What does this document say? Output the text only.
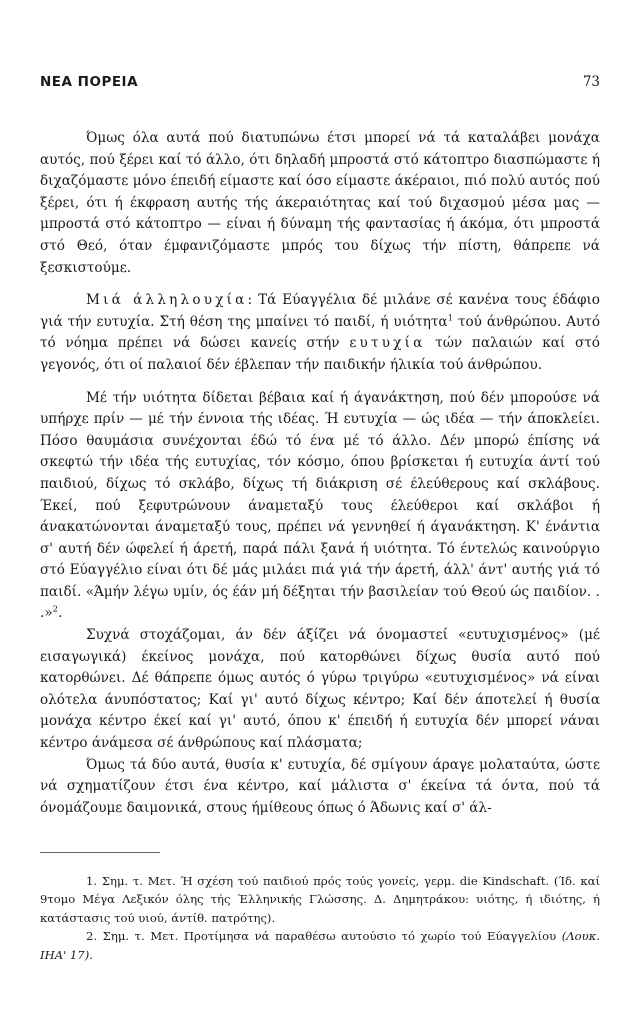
ΝΕΑ ΠΟΡΕΙΑ	73

Όμως όλα αυτά πού διατυπώνω έτσι μπορεί νά τά καταλάβει μονάχα αυτός, πού ξέρει καί τό άλλο, ότι δηλαδή μπροστά στό κάτοπτρο διασπώμαστε ή διχαζόμαστε μόνο έπειδή είμαστε καί όσο είμαστε άκέραιοι, πιό πολύ αυτός πού ξέρει, ότι ή έκφραση αυτής τής άκεραιότητας καί τού διχασμού μέσα μας — μπροστά στό κάτοπτρο — είναι ή δύναμη τής φαντασίας ή άκόμα, ότι μπροστά στό Θεό, όταν έμφανιζόμαστε μπρός του δίχως τήν πίστη, θάπρεπε νά ξεσκιστούμε.

Μιά άλληλουχία: Τά Εύαγγέλια δέ μιλάνε σέ κανένα τους έδάφιο γιά τήν ευτυχία. Στή θέση της μπαίνει τό παιδί, ή υιότητα$^1$ τού άνθρώπου. Αυτό τό νόημα πρέπει νά δώσει κανείς στήν ευτυχία τών παλαιών καί στό γεγονός, ότι οί παλαιοί δέν έβλεπαν τήν παιδικήν ήλικία τού άνθρώπου.

Μέ τήν υιότητα δίδεται βέβαια καί ή άγανάκτηση, πού δέν μπορούσε νά υπήρχε πρίν — μέ τήν έννοια τής ιδέας. Ή ευτυχία — ώς ιδέα — τήν άποκλείει. Πόσο θαυμάσια συνέχονται έδώ τό ένα μέ τό άλλο. Δέν μπορώ έπίσης νά σκεφτώ τήν ιδέα τής ευτυχίας, τόν κόσμο, όπου βρίσκεται ή ευτυχία άντί τού παιδιού, δίχως τό σκλάβο, δίχως τή διάκριση σέ έλεύθερους καί σκλάβους. Έκεί, πού ξεφυτρώνουν άναμεταξύ τους έλεύθεροι καί σκλάβοι ή άνακατώνονται άναμεταξύ τους, πρέπει νά γεννηθεί ή άγανάκτηση. Κ' ένάντια σ' αυτή δέν ώφελεί ή άρετή, παρά πάλι ξανά ή υιότητα. Τό έντελώς καινούργιο στό Εύαγγέλιο είναι ότι δέ μάς μιλάει πιά γιά τήν άρετή, άλλ' άντ' αυτής γιά τό παιδί. «Άμήν λέγω υμίν, ός έάν μή δέξηται τήν βασιλείαν τού Θεού ώς παιδίον. . .»$^2$.

Συχνά στοχάζομαι, άν δέν άξίζει νά όνομαστεί «ευτυχισμένος» (μέ εισαγωγικά) έκείνος μονάχα, πού κατορθώνει δίχως θυσία αυτό πού κατορθώνει. Δέ θάπρεπε όμως αυτός ό γύρω τριγύρω «ευτυχισμένος» νά είναι ολότελα άνυπόστατος; Καί γι' αυτό δίχως κέντρο; Καί δέν άποτελεί ή θυσία μονάχα κέντρο έκεί καί γι' αυτό, όπου κ' έπειδή ή ευτυχία δέν μπορεί νάναι κέντρο άνάμεσα σέ άνθρώπους καί πλάσματα;

Όμως τά δύο αυτά, θυσία κ' ευτυχία, δέ σμίγουν άραγε μολαταύτα, ώστε νά σχηματίζουν έτσι ένα κέντρο, καί μάλιστα σ' έκείνα τά όντα, πού τά όνομάζουμε δαιμονικά, στους ήμίθεους όπως ό Άδωνις καί σ' άλ-

1. Σημ. τ. Μετ. Ή σχέση τού παιδιού πρός τούς γονείς, γερμ. die Kindschaft. (Ίδ. καί 9τομο Μέγα Λεξικόν όλης τής Έλληνικής Γλώσσης. Δ. Δημητράκου: υιότης, ή ιδιότης, ή κατάστασις τού υιού, άντίθ. πατρότης).

2. Σημ. τ. Μετ. Προτίμησα νά παραθέσω αυτούσιο τό χωρίο τού Εύαγγελίου (Λουκ. ΙΗΑ' 17).
